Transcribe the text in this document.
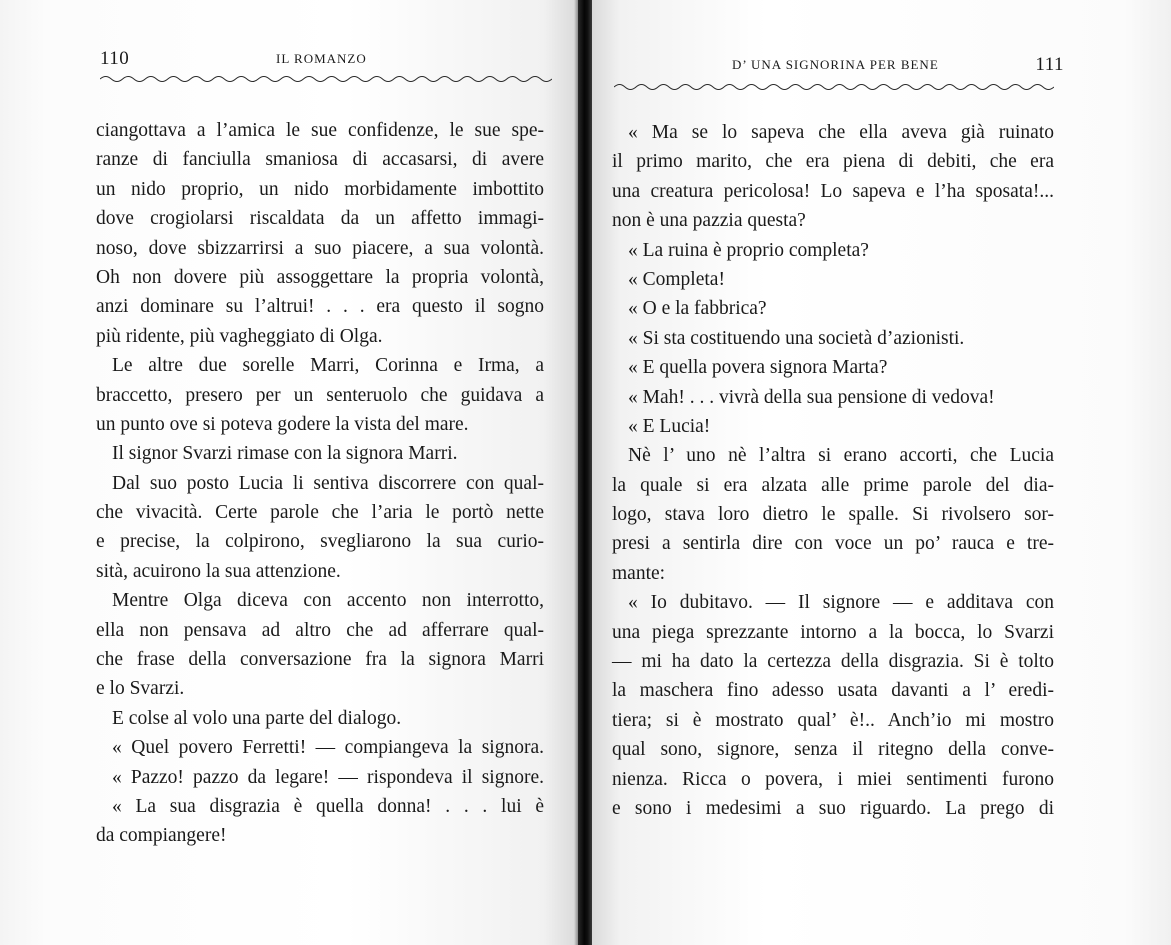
110	IL ROMANZO
ciangottava a l’amica le sue confidenze, le sue spe-
ranze di fanciulla smaniosa di accasarsi, di avere
un nido proprio, un nido morbidamente imbottito
dove crogiolarsi riscaldata da un affetto immagi-
noso, dove sbizzarrirsi a suo piacere, a sua volontà.
Oh non dovere più assoggettare la propria volontà,
anzi dominare su l’altrui! . . . era questo il sogno
più ridente, più vagheggiato di Olga.
Le altre due sorelle Marri, Corinna e Irma, a
braccetto, presero per un senteruolo che guidava a
un punto ove si poteva godere la vista del mare.
Il signor Svarzi rimase con la signora Marri.
Dal suo posto Lucia li sentiva discorrere con qual-
che vivacità. Certe parole che l’aria le portò nette
e precise, la colpirono, svegliarono la sua curio-
sità, acuirono la sua attenzione.
Mentre Olga diceva con accento non interrotto,
ella non pensava ad altro che ad afferrare qual-
che frase della conversazione fra la signora Marri
e lo Svarzi.
E colse al volo una parte del dialogo.
« Quel povero Ferretti! — compiangeva la signora.
« Pazzo! pazzo da legare! — rispondeva il signore.
« La sua disgrazia è quella donna! . . . lui è
da compiangere!
D’ UNA SIGNORINA PER BENE	111
« Ma se lo sapeva che ella aveva già ruinato
il primo marito, che era piena di debiti, che era
una creatura pericolosa! Lo sapeva e l’ha sposata!...
non è una pazzia questa?
« La ruina è proprio completa?
« Completa!
« O e la fabbrica?
« Si sta costituendo una società d’azionisti.
« E quella povera signora Marta?
« Mah! . . . vivrà della sua pensione di vedova!
« E Lucia!
Nè l’ uno nè l’altra si erano accorti, che Lucia
la quale si era alzata alle prime parole del dia-
logo, stava loro dietro le spalle. Si rivolsero sor-
presi a sentirla dire con voce un po’ rauca e tre-
mante:
« Io dubitavo. — Il signore — e additava con
una piega sprezzante intorno a la bocca, lo Svarzi
— mi ha dato la certezza della disgrazia. Si è tolto
la maschera fino adesso usata davanti a l’ eredi-
tiera; si è mostrato qual’ è!.. Anch’io mi mostro
qual sono, signore, senza il ritegno della conve-
nienza. Ricca o povera, i miei sentimenti furono
e sono i medesimi a suo riguardo. La prego di
